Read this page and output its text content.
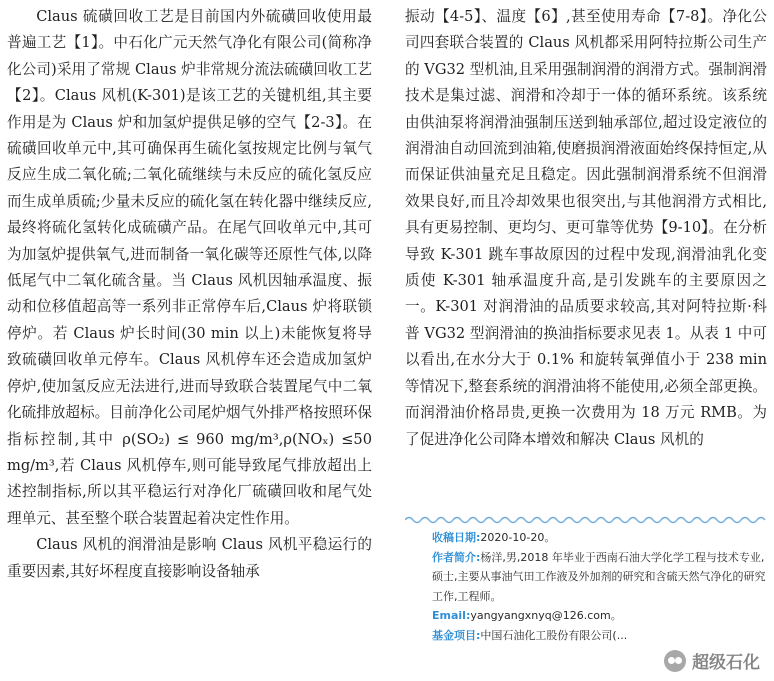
Claus 硫磺回收工艺是目前国内外硫磺回收使用最普遍工艺【1】。中石化广元天然气净化有限公司(简称净化公司)采用了常规 Claus 炉非常规分流法硫磺回收工艺【2】。Claus 风机(K-301)是该工艺的关键机组,其主要作用是为 Claus 炉和加氢炉提供足够的空气【2-3】。在硫磺回收单元中,其可确保再生硫化氢按规定比例与氧气反应生成二氧化硫;二氧化硫继续与未反应的硫化氢反应而生成单质硫;少量未反应的硫化氢在转化器中继续反应,最终将硫化氢转化成硫磺产品。在尾气回收单元中,其可为加氢炉提供氧气,进而制备一氧化碳等还原性气体,以降低尾气中二氧化硫含量。当 Claus 风机因轴承温度、振动和位移值超高等一系列非正常停车后,Claus 炉将联锁停炉。若 Claus 炉长时间(30 min 以上)未能恢复将导致硫磺回收单元停车。Claus 风机停车还会造成加氢炉停炉,使加氢反应无法进行,进而导致联合装置尾气中二氧化硫排放超标。目前净化公司尾炉烟气外排严格按照环保指标控制,其中 ρ(SO₂) ≤ 960 mg/m³,ρ(NOₓ) ≤50 mg/m³,若 Claus 风机停车,则可能导致尾气排放超出上述控制指标,所以其平稳运行对净化厂硫磺回收和尾气处理单元、甚至整个联合装置起着决定性作用。

Claus 风机的润滑油是影响 Claus 风机平稳运行的重要因素,其好坏程度直接影响设备轴承

振动【4-5】、温度【6】,甚至使用寿命【7-8】。净化公司四套联合装置的 Claus 风机都采用阿特拉斯公司生产的 VG32 型机油,且采用强制润滑的润滑方式。强制润滑技术是集过滤、润滑和冷却于一体的循环系统。该系统由供油泵将润滑油强制压送到轴承部位,超过设定液位的润滑油自动回流到油箱,使磨损润滑液面始终保持恒定,从而保证供油量充足且稳定。因此强制润滑系统不但润滑效果良好,而且冷却效果也很突出,与其他润滑方式相比,具有更易控制、更均匀、更可靠等优势【9-10】。在分析导致 K-301 跳车事故原因的过程中发现,润滑油乳化变质使 K-301 轴承温度升高,是引发跳车的主要原因之一。K-301 对润滑油的品质要求较高,其对阿特拉斯·科普 VG32 型润滑油的换油指标要求见表 1。从表 1 中可以看出,在水分大于 0.1% 和旋转氧弹值小于 238 min 等情况下,整套系统的润滑油将不能使用,必须全部更换。而润滑油价格昂贵,更换一次费用为 18 万元 RMB。为了促进净化公司降本增效和解决 Claus 风机的

收稿日期:2020-10-20。

作者简介:杨洋,男,2018 年毕业于西南石油大学化学工程与技术专业,硕士,主要从事油气田工作液及外加剂的研究和含硫天然气净化的研究工作,工程师。

Email:yangyangxnyq@126.com。

基金项目:中国石油化工股份有限公司(...

超级石化
